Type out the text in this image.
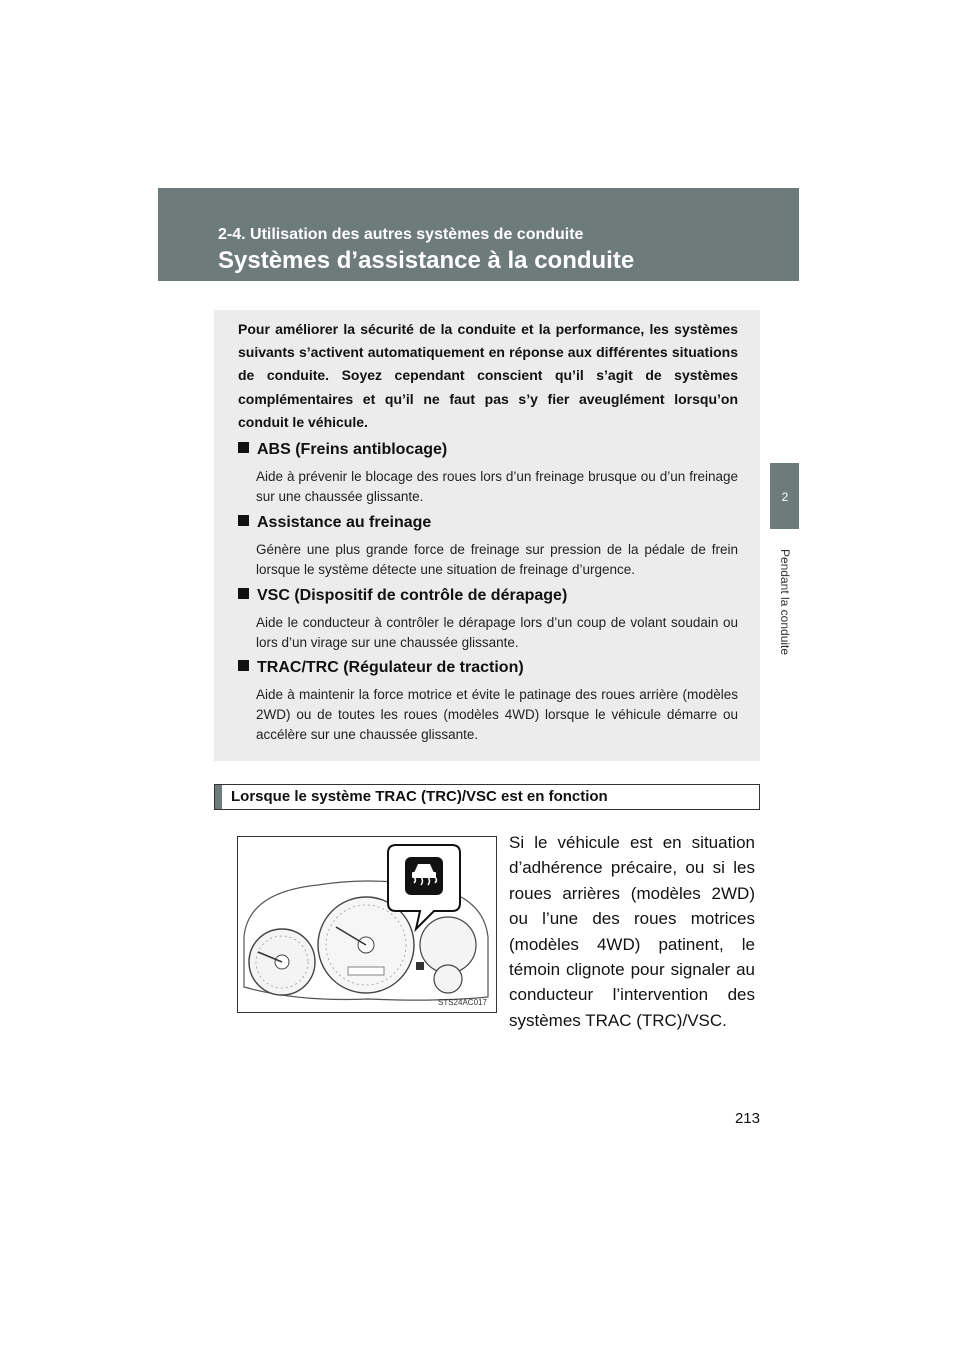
2-4. Utilisation des autres systèmes de conduite
Systèmes d’assistance à la conduite
2
Pendant la conduite
Pour améliorer la sécurité de la conduite et la performance, les systèmes suivants s’activent automatiquement en réponse aux différentes situations de conduite. Soyez cependant conscient qu’il s’agit de systèmes complémentaires et qu’il ne faut pas s’y fier aveuglément lorsqu’on conduit le véhicule.
ABS (Freins antiblocage)
Aide à prévenir le blocage des roues lors d’un freinage brusque ou d’un freinage sur une chaussée glissante.
Assistance au freinage
Génère une plus grande force de freinage sur pression de la pédale de frein lorsque le système détecte une situation de freinage d’urgence.
VSC (Dispositif de contrôle de dérapage)
Aide le conducteur à contrôler le dérapage lors d’un coup de volant soudain ou lors d’un virage sur une chaussée glissante.
TRAC/TRC (Régulateur de traction)
Aide à maintenir la force motrice et évite le patinage des roues arrière (modèles 2WD) ou de toutes les roues (modèles 4WD) lorsque le véhicule démarre ou accélère sur une chaussée glissante.
Lorsque le système TRAC (TRC)/VSC est en fonction
STS24AC017
Si le véhicule est en situation d’adhérence précaire, ou si les roues arrières (modèles 2WD) ou l’une des roues motrices (modèles 4WD) patinent, le témoin clignote pour signaler au conducteur l’intervention des systèmes TRAC (TRC)/VSC.
213
